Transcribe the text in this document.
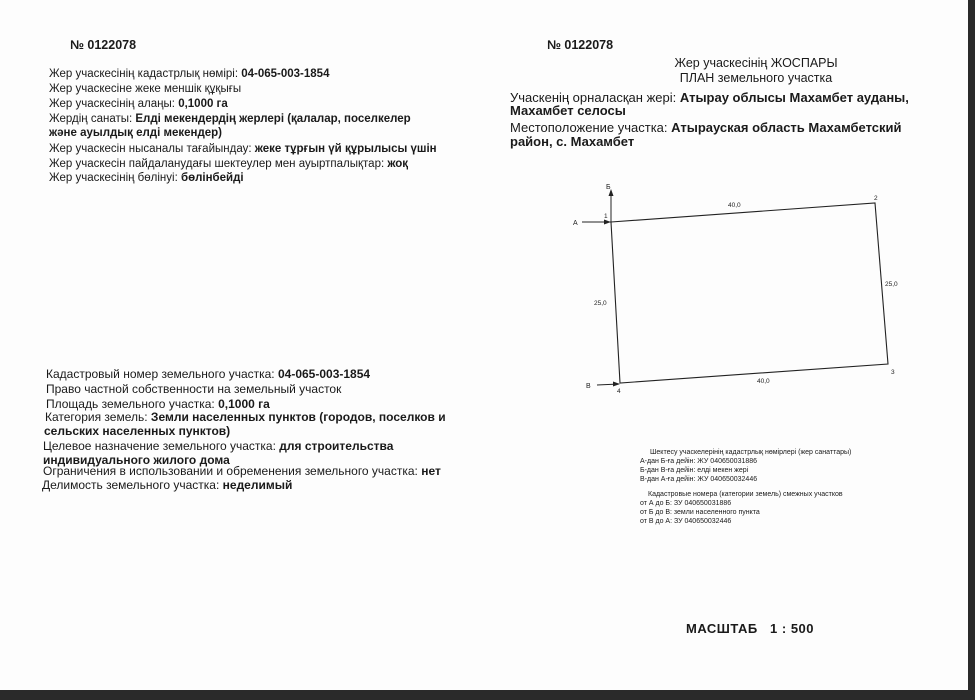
№ 0122078
Жер учаскесінің кадастрлық нөмірі: 04-065-003-1854
Жер учаскесіне жеке меншік құқығы
Жер учаскесінің алаңы: 0,1000 га
Жердің санаты: Елді мекендердің жерлері (қалалар, поселкелер
және ауылдық елді мекендер)
Жер учаскесін нысаналы тағайындау: жеке тұрғын үй құрылысы үшін
Жер учаскесін пайдаланудағы шектеулер мен ауыртпалықтар: жоқ
Жер учаскесінің бөлінуі: бөлінбейді
Кадастровый номер земельного участка: 04-065-003-1854
Право частной собственности на земельный участок
Площадь земельного участка: 0,1000 га
Категория земель: Земли населенных пунктов (городов, поселков и
сельских населенных пунктов)
Целевое назначение земельного участка: для строительства
индивидуального жилого дома
Ограничения в использовании и обременения земельного участка: нет
Делимость земельного участка: неделимый
№ 0122078
Жер учаскесінің ЖОСПАРЫ
ПЛАН земельного участка
Учаскенің орналасқан жері: Атырау облысы Махамбет ауданы,
Махамбет селосы
Местоположение участка: Атырауская область Махамбетский
район, с. Махамбет
Б
А
В
1
2
3
4
40,0
25,0
40,0
25,0
Шектесу учаскелерінің кадастрлық нөмірлері (жер санаттары)
А-дан Б-ға дейін: ЖУ 040650031886
Б-дан В-ға дейін: елді мекен жері
В-дан А-ға дейін: ЖУ 040650032446
Кадастровые номера (категории земель) смежных участков
от А до Б: ЗУ 040650031886
от Б до В: земли населенного пункта
от В до А: ЗУ 040650032446
МАСШТАБ 1 : 500
